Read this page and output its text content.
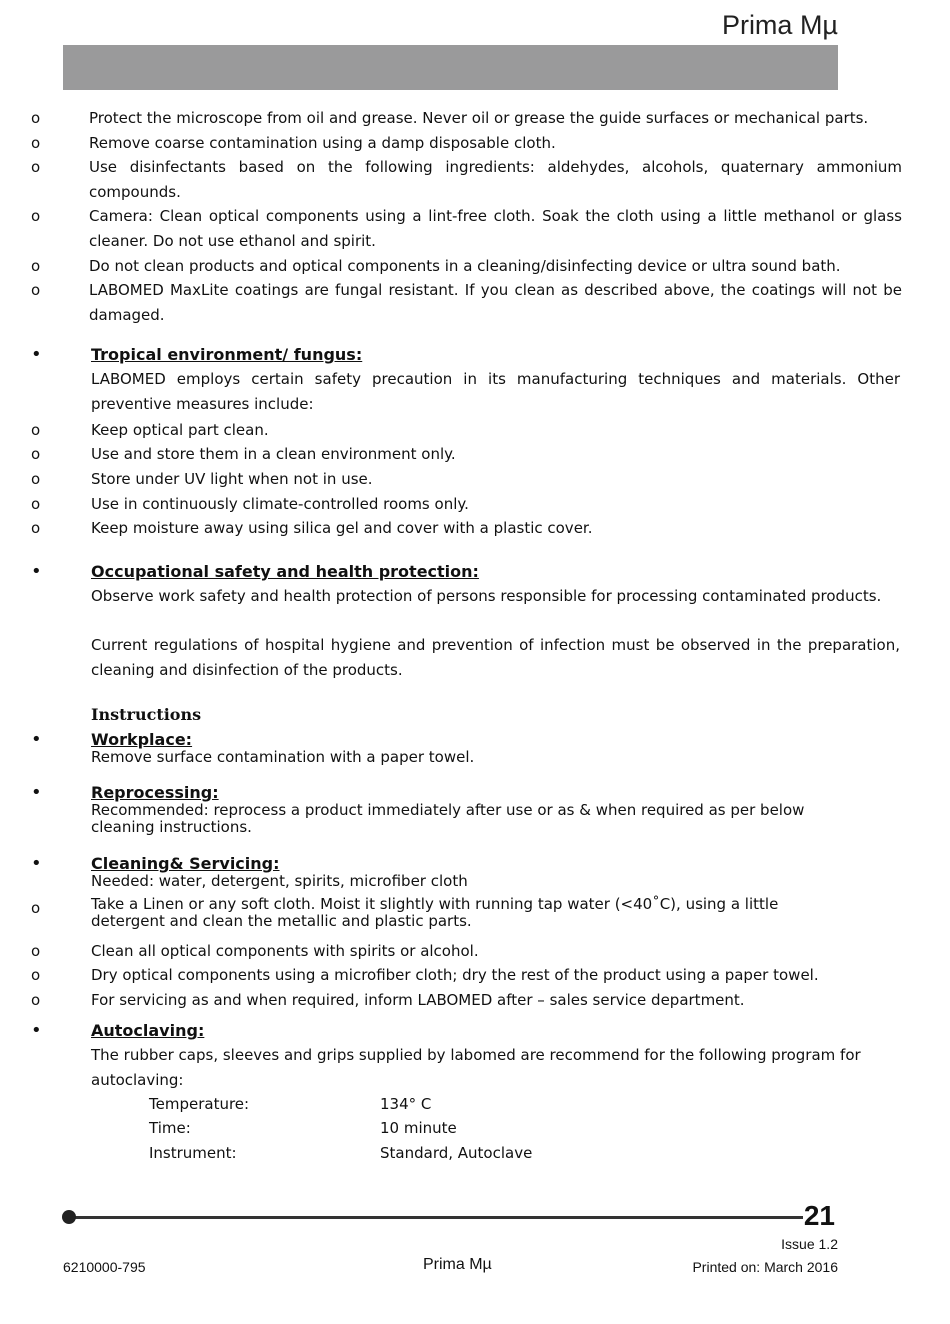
Prima Mµ
o	Protect the microscope from oil and grease. Never oil or grease the guide surfaces or mechanical parts.
o	Remove coarse contamination using a damp disposable cloth.
o	Use disinfectants based on the following ingredients: aldehydes, alcohols, quaternary ammonium compounds.
o	Camera: Clean optical components using a lint-free cloth. Soak the cloth using a little methanol or glass cleaner. Do not use ethanol and spirit.
o	Do not clean products and optical components in a cleaning/disinfecting device or ultra sound bath.
o	LABOMED MaxLite coatings are fungal resistant. If you clean as described above, the coatings will not be damaged.
•	Tropical environment/ fungus:
LABOMED employs certain safety precaution in its manufacturing techniques and materials. Other preventive measures include:
o	Keep optical part clean.
o	Use and store them in a clean environment only.
o	Store under UV light when not in use.
o	Use in continuously climate-controlled rooms only.
o	Keep moisture away using silica gel and cover with a plastic cover.
•	Occupational safety and health protection:
Observe work safety and health protection of persons responsible for processing contaminated products.
Current regulations of hospital hygiene and prevention of infection must be observed in the preparation, cleaning and disinfection of the products.
Instructions
•	Workplace:
Remove surface contamination with a paper towel.
•	Reprocessing:
Recommended: reprocess a product immediately after use or as & when required as per below cleaning instructions.
•	Cleaning& Servicing:
Needed: water, detergent, spirits, microfiber cloth
o	Take a Linen or any soft cloth. Moist it slightly with running tap water (<40˚C), using a little detergent and clean the metallic and plastic parts.
o	Clean all optical components with spirits or alcohol.
o	Dry optical components using a microfiber cloth; dry the rest of the product using a paper towel.
o	For servicing as and when required, inform LABOMED after – sales service department.
•	Autoclaving:
The rubber caps, sleeves and grips supplied by labomed are recommend for the following program for autoclaving:
Temperature:	134° C
Time:	10 minute
Instrument:	Standard, Autoclave
21
Issue 1.2
6210000-795	Prima Mµ	Printed on: March 2016
